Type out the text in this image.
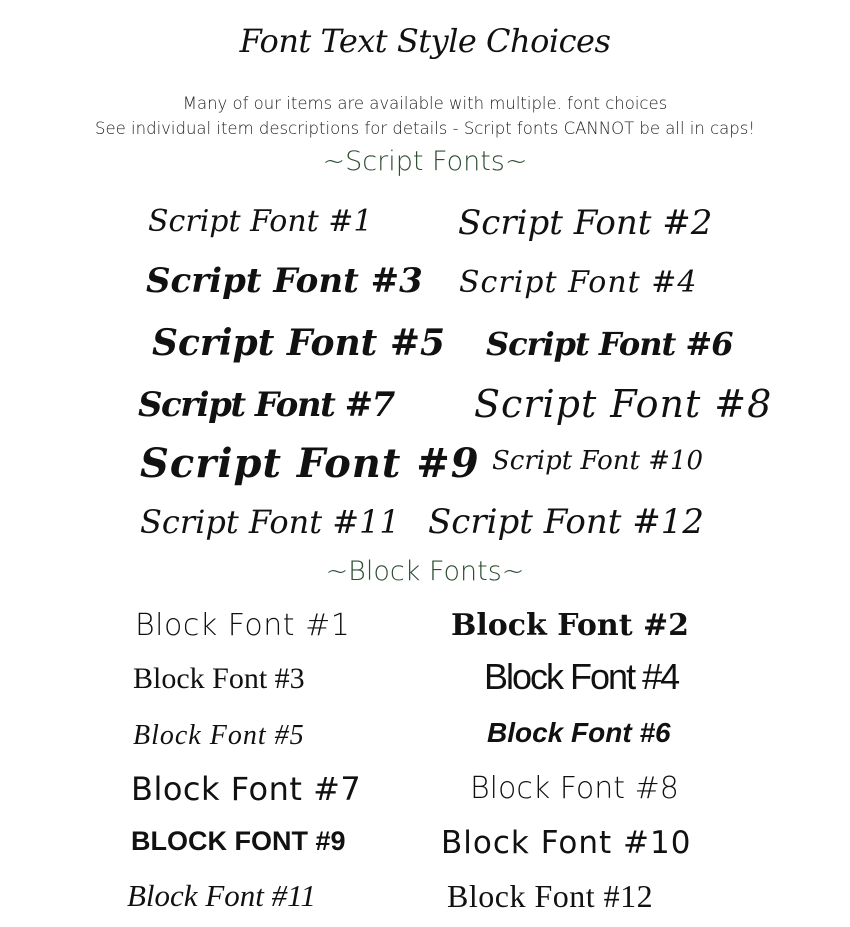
Font Text Style Choices
Many of our items are available with multiple. font choices
See individual item descriptions for details - Script fonts CANNOT be all in caps!
~Script Fonts~
Script Font #1	Script Font #2
Script Font #3 Script Font #4
Script Font #5 Script Font #6
Script Font #7 Script Font #8
Script Font #9 Script Font #10
Script Font #11 Script Font #12
~Block Fonts~
Block Font #1	Block Font #2
Block Font #3	Block Font #4
Block Font #5	Block Font #6
Block Font #7	Block Font #8
BLOCK FONT #9	Block Font #10
Block Font #11	Block Font #12
